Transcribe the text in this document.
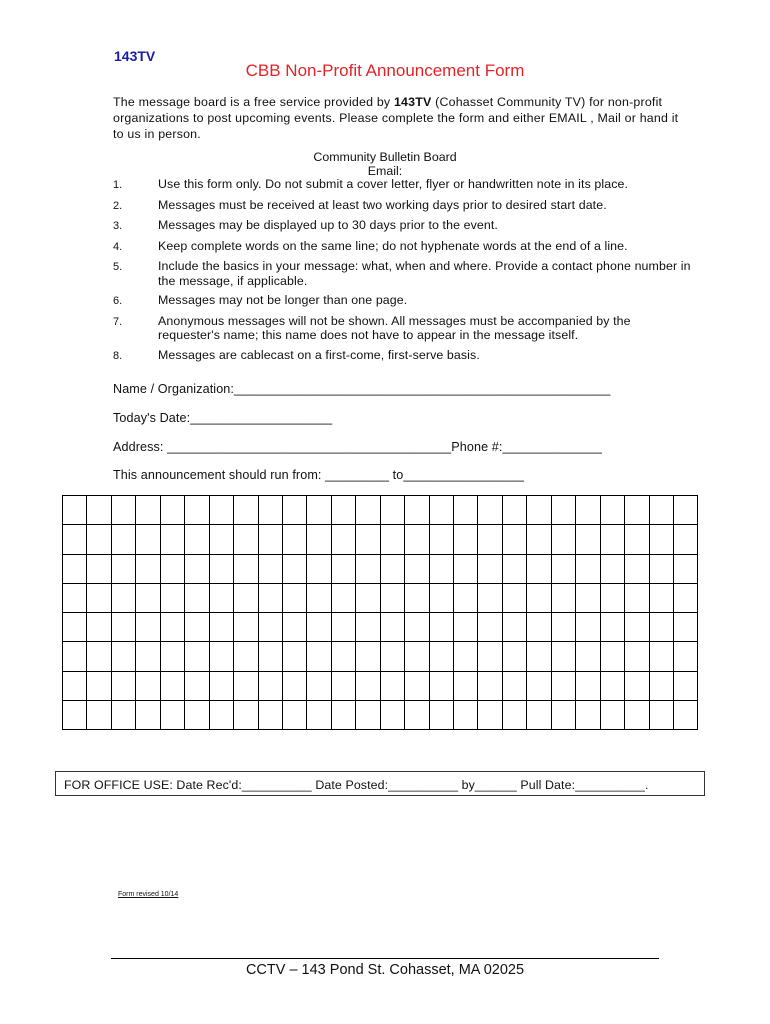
143TV
CBB Non-Profit Announcement Form
The message board is a free service provided by 143TV (Cohasset Community TV) for non-profit organizations to post upcoming events. Please complete the form and either EMAIL , Mail or hand it to us in person.
Community Bulletin Board
Email:
1.	Use this form only. Do not submit a cover letter, flyer or handwritten note in its place.
2.	Messages must be received at least two working days prior to desired start date.
3.	Messages may be displayed up to 30 days prior to the event.
4.	Keep complete words on the same line; do not hyphenate words at the end of a line.
5.	Include the basics in your message: what, when and where. Provide a contact phone number in the message, if applicable.
6.	Messages may not be longer than one page.
7.	Anonymous messages will not be shown. All messages must be accompanied by the requester's name; this name does not have to appear in the message itself.
8.	Messages are cablecast on a first-come, first-serve basis.
Name / Organization:_____________________________________________________
Today's Date:____________________
Address: ________________________________________Phone #:______________
This announcement should run from: _________ to_________________

FOR OFFICE USE: Date Rec'd:__________ Date Posted:__________ by______ Pull Date:__________.
Form revised 10/14
CCTV – 143 Pond St. Cohasset, MA 02025
